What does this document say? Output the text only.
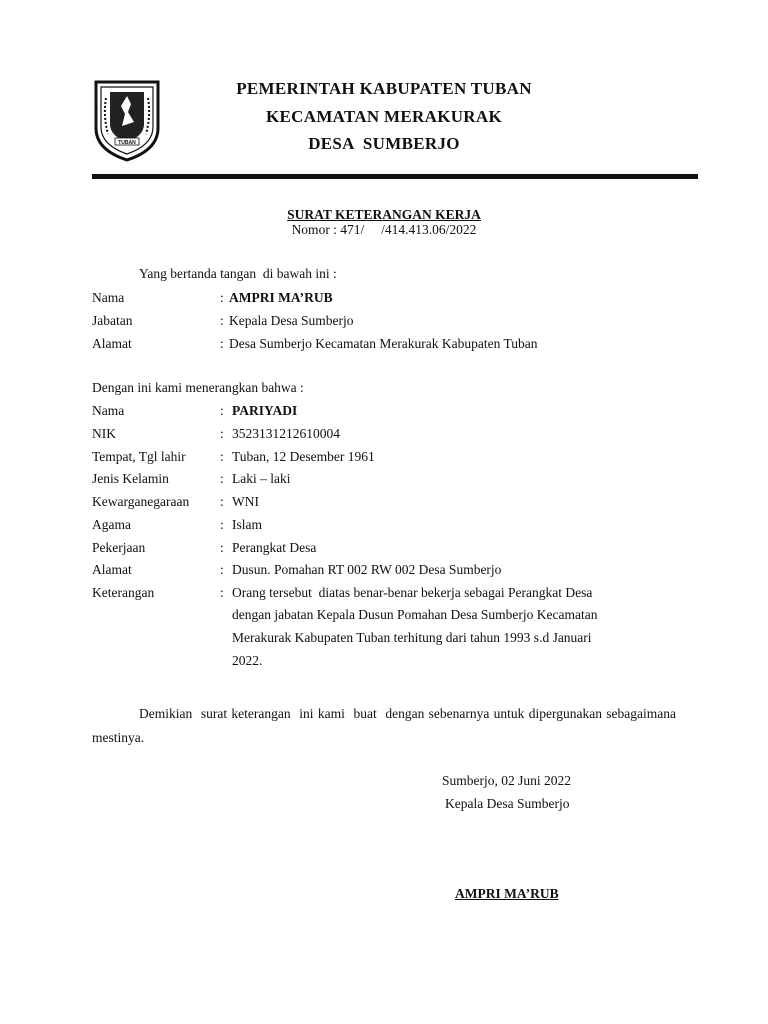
TUBAN
PEMERINTAH KABUPATEN TUBAN
KECAMATAN MERAKURAK
DESA  SUMBERJO
SURAT KETERANGAN KERJA
Nomor : 471/     /414.413.06/2022
Yang bertanda tangan  di bawah ini :
Nama	: AMPRI MA’RUB
Jabatan	: Kepala Desa Sumberjo
Alamat	: Desa Sumberjo Kecamatan Merakurak Kabupaten Tuban
Dengan ini kami menerangkan bahwa :
Nama	: PARIYADI
NIK	: 3523131212610004
Tempat, Tgl lahir	: Tuban, 12 Desember 1961
Jenis Kelamin	: Laki – laki
Kewarganegaraan : WNI
Agama	: Islam
Pekerjaan	: Perangkat Desa
Alamat	: Dusun. Pomahan RT 002 RW 002 Desa Sumberjo
Keterangan	: Orang tersebut  diatas benar-benar bekerja sebagai Perangkat Desa
dengan jabatan Kepala Dusun Pomahan Desa Sumberjo Kecamatan
Merakurak Kabupaten Tuban terhitung dari tahun 1993 s.d Januari
2022.
Demikian  surat keterangan  ini kami  buat  dengan sebenarnya untuk dipergunakan sebagaimana  mestinya.
Sumberjo, 02 Juni 2022
Kepala Desa Sumberjo
AMPRI MA’RUB
